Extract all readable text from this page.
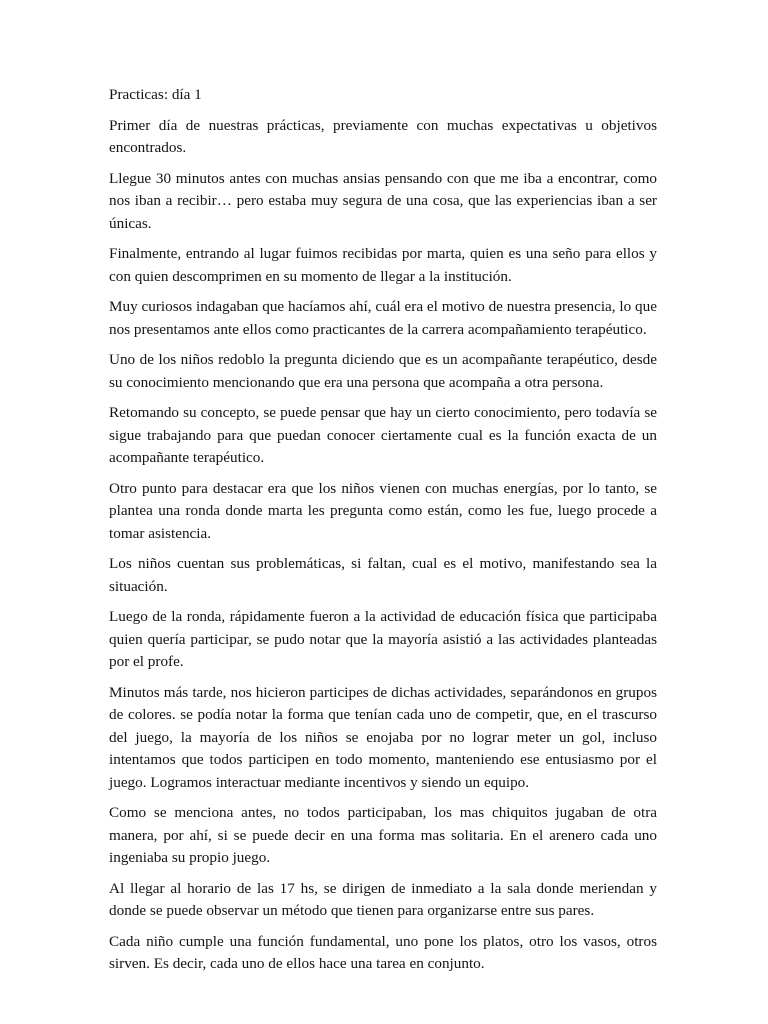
Practicas: día 1

Primer día de nuestras prácticas, previamente con muchas expectativas u objetivos encontrados.

Llegue 30 minutos antes con muchas ansias pensando con que me iba a encontrar, como nos iban a recibir… pero estaba muy segura de una cosa, que las experiencias iban a ser únicas.

Finalmente, entrando al lugar fuimos recibidas por marta, quien es una seño para ellos y con quien descomprimen en su momento de llegar a la institución.

Muy curiosos indagaban que hacíamos ahí, cuál era el motivo de nuestra presencia, lo que nos presentamos ante ellos como practicantes de la carrera acompañamiento terapéutico.

Uno de los niños redoblo la pregunta diciendo que es un acompañante terapéutico, desde su conocimiento mencionando que era una persona que acompaña a otra persona.

Retomando su concepto, se puede pensar que hay un cierto conocimiento, pero todavía se sigue trabajando para que puedan conocer ciertamente cual es la función exacta de un acompañante terapéutico.

Otro punto para destacar era que los niños vienen con muchas energías, por lo tanto, se plantea una ronda donde marta les pregunta como están, como les fue, luego procede a tomar asistencia.

Los niños cuentan sus problemáticas, si faltan, cual es el motivo, manifestando sea la situación.

Luego de la ronda, rápidamente fueron a la actividad de educación física que participaba quien quería participar, se pudo notar que la mayoría asistió a las actividades planteadas por el profe.

Minutos más tarde, nos hicieron participes de dichas actividades, separándonos en grupos de colores. se podía notar la forma que tenían cada uno de competir, que, en el trascurso del juego, la mayoría de los niños se enojaba por no lograr meter un gol, incluso intentamos que todos participen en todo momento, manteniendo ese entusiasmo por el juego. Logramos interactuar mediante incentivos y siendo un equipo.

Como se menciona antes, no todos participaban, los mas chiquitos jugaban de otra manera, por ahí, si se puede decir en una forma mas solitaria. En el arenero cada uno ingeniaba su propio juego.

Al llegar al horario de las 17 hs, se dirigen de inmediato a la sala donde meriendan y donde se puede observar un método que tienen para organizarse entre sus pares.

Cada niño cumple una función fundamental, uno pone los platos, otro los vasos, otros sirven. Es decir, cada uno de ellos hace una tarea en conjunto.
